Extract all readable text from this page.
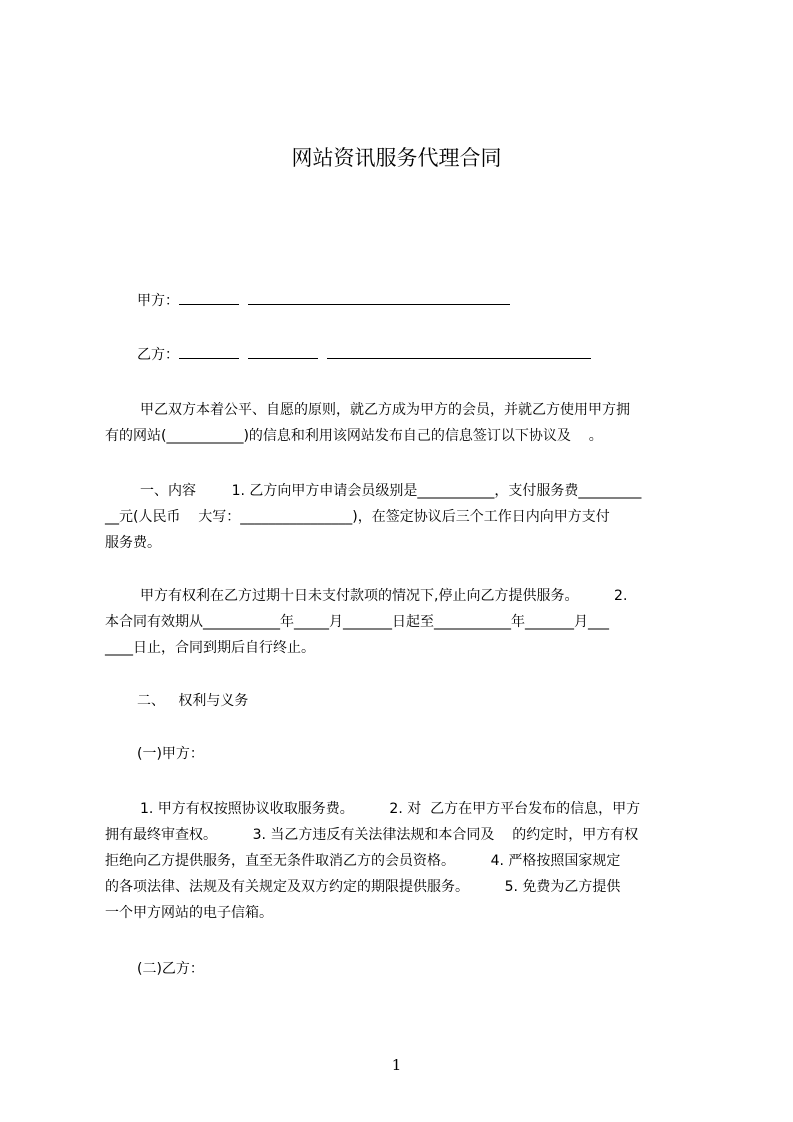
网站资讯服务代理合同
甲方：
乙方：
甲乙双方本着公平、自愿的原则，就乙方成为甲方的会员，并就乙方使用甲方拥
有的网站(___________)的信息和利用该网站发布自己的信息签订以下协议及    。
一、内容        1. 乙方向甲方申请会员级别是___________，支付服务费_________
__元(人民币    大写：________________)，在签定协议后三个工作日内向甲方支付
服务费。
甲方有权利在乙方过期十日未支付款项的情况下,停止向乙方提供服务。        2.
本合同有效期从___________年_____月_______日起至___________年_______月___
____日止，合同到期后自行终止。
二、   权利与义务
(一)甲方：
1. 甲方有权按照协议收取服务费。        2. 对  乙方在甲方平台发布的信息，甲方
拥有最终审查权。        3. 当乙方违反有关法律法规和本合同及    的约定时，甲方有权
拒绝向乙方提供服务，直至无条件取消乙方的会员资格。        4. 严格按照国家规定
的各项法律、法规及有关规定及双方约定的期限提供服务。        5. 免费为乙方提供
一个甲方网站的电子信箱。
(二)乙方：
1
